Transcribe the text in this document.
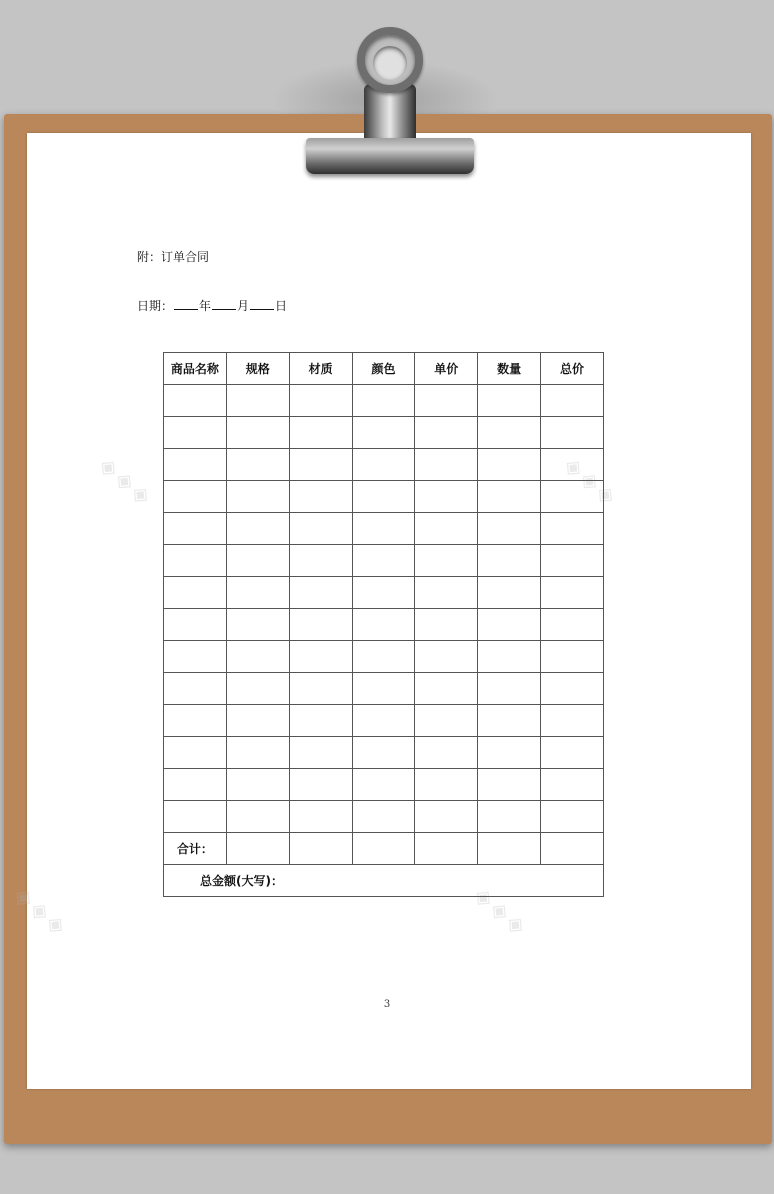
◈◈◈	◈◈◈
◈◈◈
◈◈◈
附：订单合同
日期： 年 月 日
商品名称	规格	材质	颜色	单价	数量	总价

合计：						
总金额(大写)：						
3
